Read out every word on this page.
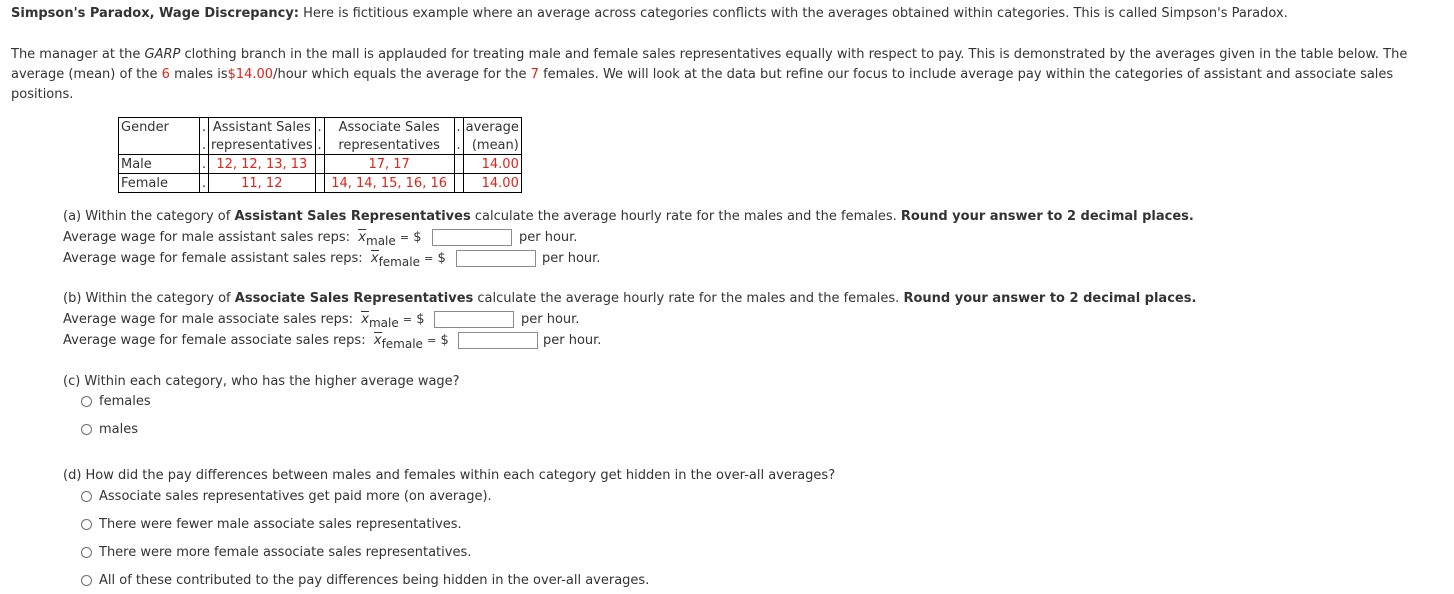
Simpson's Paradox, Wage Discrepancy: Here is fictitious example where an average across categories conflicts with the averages obtained within categories. This is called Simpson's Paradox.
The manager at the GARP clothing branch in the mall is applauded for treating male and female sales representatives equally with respect to pay. This is demonstrated by the averages given in the table below. The average (mean) of the 6 males is$14.00/hour which equals the average for the 7 females. We will look at the data but refine our focus to include average pay within the categories of assistant and associate sales positions.
Gender	.	Assistant Sales	.	Associate Sales	.	average
	.	representatives	.	representatives	.	(mean)
Male	.	12, 12, 13, 13		17, 17		14.00
Female	.	11, 12		14, 14, 15, 16, 16		14.00
(a) Within the category of Assistant Sales Representatives calculate the average hourly rate for the males and the females. Round your answer to 2 decimal places.
Average wage for male assistant sales reps: xmale = $	per hour.
Average wage for female assistant sales reps: xfemale = $	per hour.
(b) Within the category of Associate Sales Representatives calculate the average hourly rate for the males and the females. Round your answer to 2 decimal places.
Average wage for male associate sales reps: xmale = $	per hour.
Average wage for female associate sales reps: xfemale = $	per hour.
(c) Within each category, who has the higher average wage?
females
males
(d) How did the pay differences between males and females within each category get hidden in the over-all averages?
Associate sales representatives get paid more (on average).
There were fewer male associate sales representatives.
There were more female associate sales representatives.
All of these contributed to the pay differences being hidden in the over-all averages.
